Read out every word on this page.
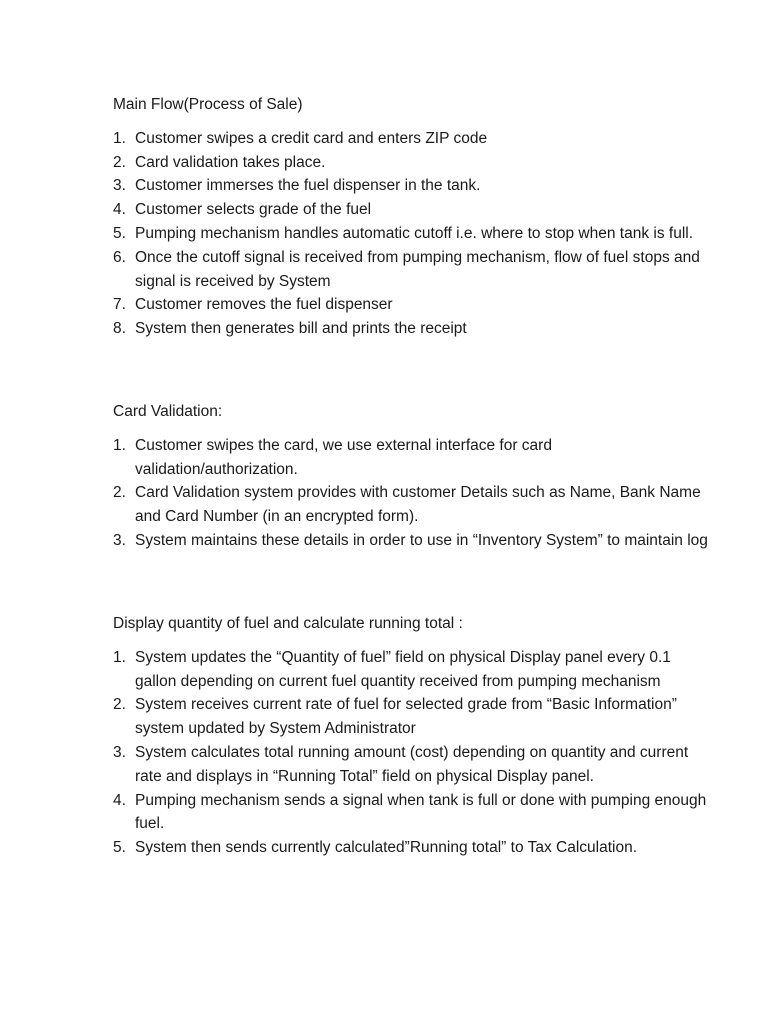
Main Flow(Process of Sale)
1. Customer swipes a credit card and enters ZIP code
2. Card validation takes place.
3. Customer immerses the fuel dispenser in the tank.
4. Customer selects grade of the fuel
5. Pumping mechanism handles automatic cutoff i.e. where to stop when tank is full.
6. Once the cutoff signal is received from pumping mechanism, flow of fuel stops and signal is received by System
7. Customer removes the fuel dispenser
8. System then generates bill and prints the receipt
Card Validation:
1. Customer swipes the card, we use external interface for card validation/authorization.
2. Card Validation system provides with customer Details such as Name, Bank Name and Card Number (in an encrypted form).
3. System maintains these details in order to use in “Inventory System” to maintain log
Display quantity of fuel and calculate running total :
1. System updates the “Quantity of fuel” field on physical Display panel every 0.1 gallon depending on current fuel quantity received from pumping mechanism
2. System receives current rate of fuel for selected grade from “Basic Information” system updated by System Administrator
3. System calculates total running amount (cost) depending on quantity and current rate and displays in “Running Total” field on physical Display panel.
4. Pumping mechanism sends a signal when tank is full or done with pumping enough fuel.
5. System then sends currently calculated”Running total” to Tax Calculation.
